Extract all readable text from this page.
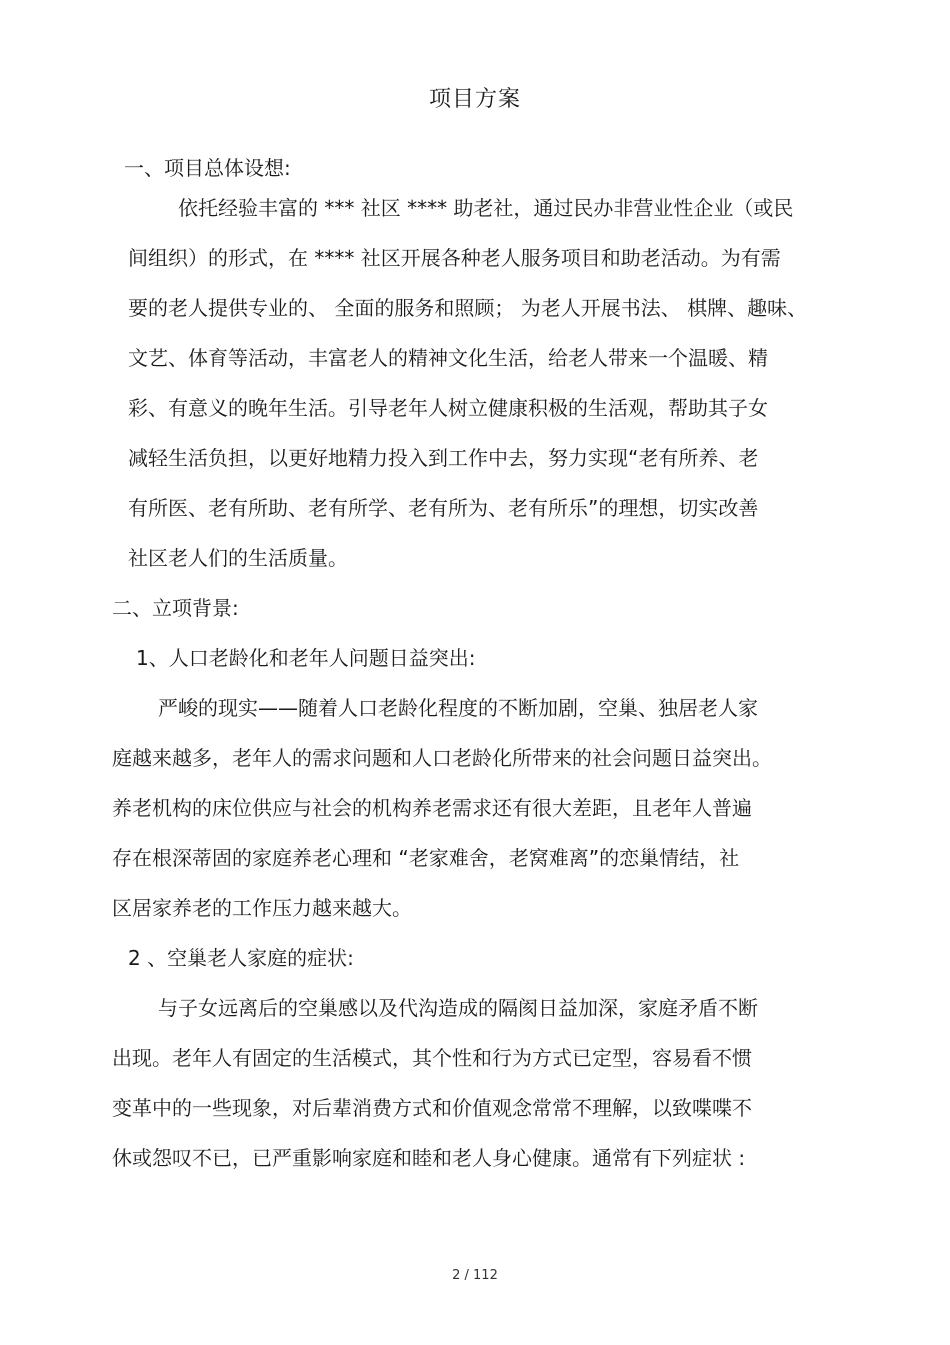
项目方案
一、项目总体设想:
依托经验丰富的 *** 社区 **** 助老社，通过民办非营业性企业（或民
间组织）的形式，在 **** 社区开展各种老人服务项目和助老活动。为有需
要的老人提供专业的、 全面的服务和照顾； 为老人开展书法、 棋牌、趣味、
文艺、体育等活动，丰富老人的精神文化生活，给老人带来一个温暖、精
彩、有意义的晚年生活。引导老年人树立健康积极的生活观，帮助其子女
减轻生活负担，以更好地精力投入到工作中去，努力实现“老有所养、老
有所医、老有所助、老有所学、老有所为、老有所乐”的理想，切实改善
社区老人们的生活质量。
二、立项背景:
1、人口老龄化和老年人问题日益突出:
严峻的现实——随着人口老龄化程度的不断加剧，空巢、独居老人家
庭越来越多，老年人的需求问题和人口老龄化所带来的社会问题日益突出。
养老机构的床位供应与社会的机构养老需求还有很大差距，且老年人普遍
存在根深蒂固的家庭养老心理和 “老家难舍，老窝难离”的恋巢情结，社
区居家养老的工作压力越来越大。
2 、空巢老人家庭的症状:
与子女远离后的空巢感以及代沟造成的隔阂日益加深，家庭矛盾不断
出现。老年人有固定的生活模式，其个性和行为方式已定型，容易看不惯
变革中的一些现象，对后辈消费方式和价值观念常常不理解，以致喋喋不
休或怨叹不已，已严重影响家庭和睦和老人身心健康。通常有下列症状 :
2 / 112
